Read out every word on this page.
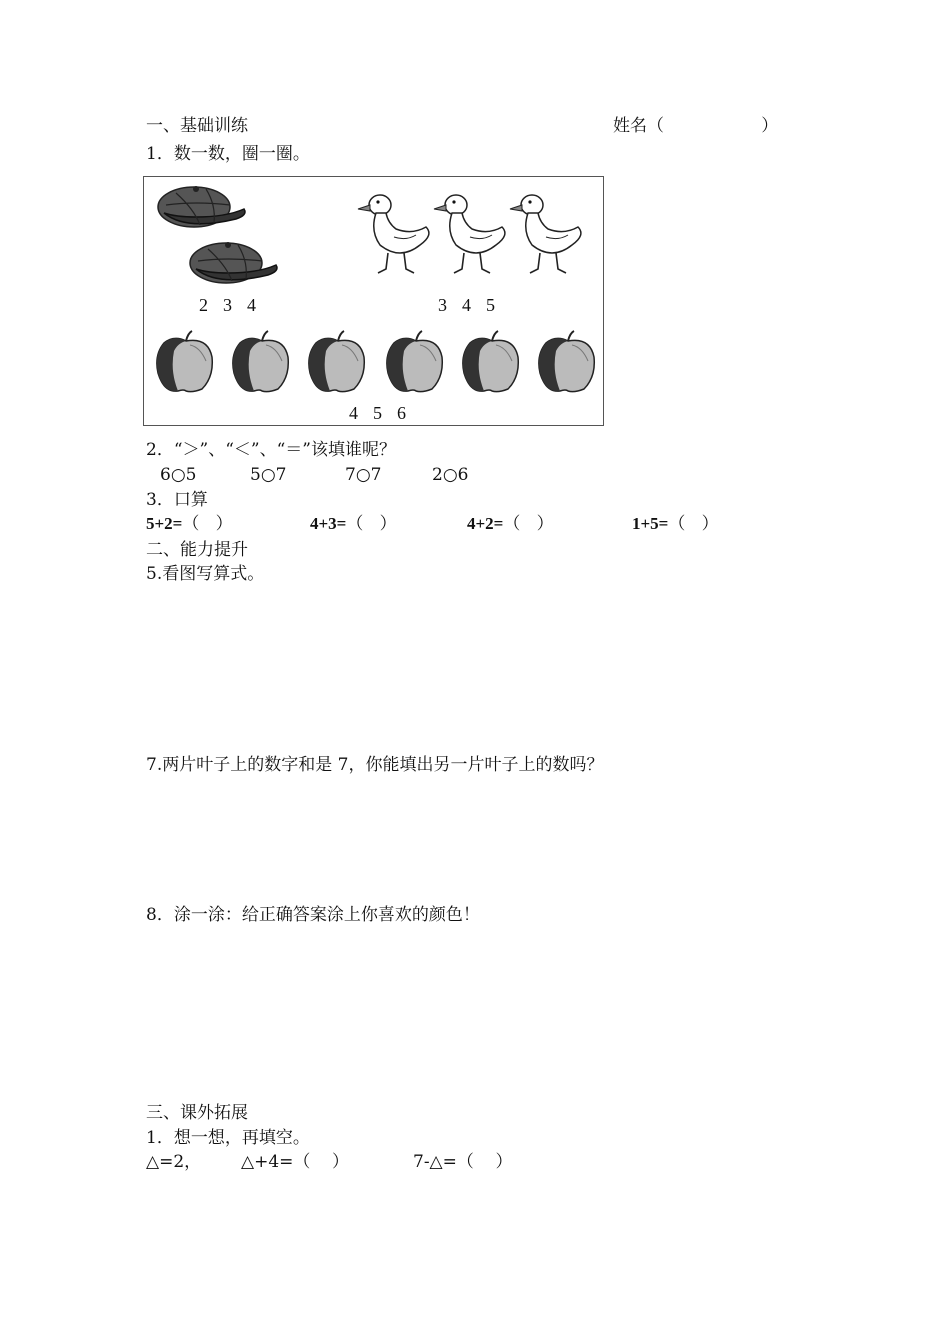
一、基础训练	姓名（                  ）
1．数一数，圈一圈。
2 3 4	3 4 5
4 5 6
2．“＞”、“＜”、“＝”该填谁呢？
6○5	5○7	7○7	2○6
3．口算
5+2=（   ）	4+3=（   ）	4+2=（   ）	1+5=（   ）
二、能力提升
5.看图写算式。
7.两片叶子上的数字和是 7，你能填出另一片叶子上的数吗？
8．涂一涂：给正确答案涂上你喜欢的颜色！
三、课外拓展
1．想一想，再填空。
△=2， △+4=（    ）	7-△=（    ）
